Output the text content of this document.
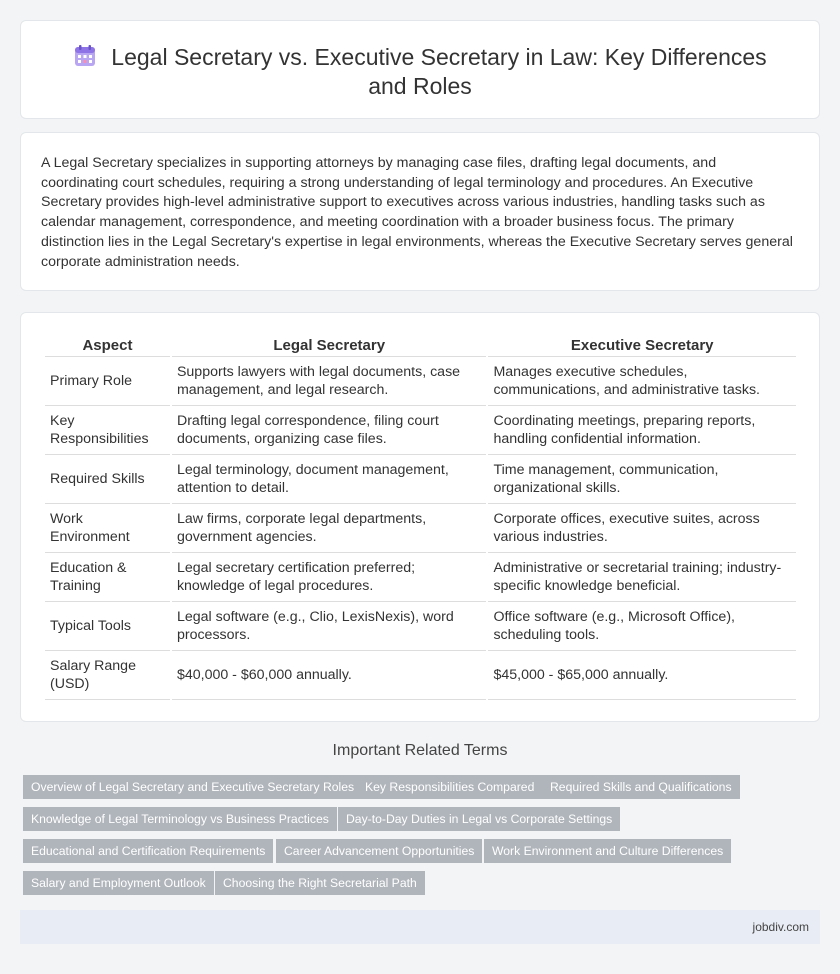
Legal Secretary vs. Executive Secretary in Law: Key Differences and Roles

A Legal Secretary specializes in supporting attorneys by managing case files, drafting legal documents, and coordinating court schedules, requiring a strong understanding of legal terminology and procedures. An Executive Secretary provides high-level administrative support to executives across various industries, handling tasks such as calendar management, correspondence, and meeting coordination with a broader business focus. The primary distinction lies in the Legal Secretary's expertise in legal environments, whereas the Executive Secretary serves general corporate administration needs.

Aspect	Legal Secretary	Executive Secretary
Primary Role	Supports lawyers with legal documents, case management, and legal research.	Manages executive schedules, communications, and administrative tasks.
Key Responsibilities	Drafting legal correspondence, filing court documents, organizing case files.	Coordinating meetings, preparing reports, handling confidential information.
Required Skills	Legal terminology, document management, attention to detail.	Time management, communication, organizational skills.
Work Environment	Law firms, corporate legal departments, government agencies.	Corporate offices, executive suites, across various industries.
Education & Training	Legal secretary certification preferred; knowledge of legal procedures.	Administrative or secretarial training; industry-specific knowledge beneficial.
Typical Tools	Legal software (e.g., Clio, LexisNexis), word processors.	Office software (e.g., Microsoft Office), scheduling tools.
Salary Range (USD)	$40,000 - $60,000 annually.	$45,000 - $65,000 annually.
Important Related Terms
Overview of Legal Secretary and Executive Secretary Roles Key Responsibilities Compared	Required Skills and Qualifications
Knowledge of Legal Terminology vs Business Practices	Day-to-Day Duties in Legal vs Corporate Settings
Educational and Certification Requirements	Career Advancement Opportunities	Work Environment and Culture Differences
Salary and Employment Outlook	Choosing the Right Secretarial Path
jobdiv.com
